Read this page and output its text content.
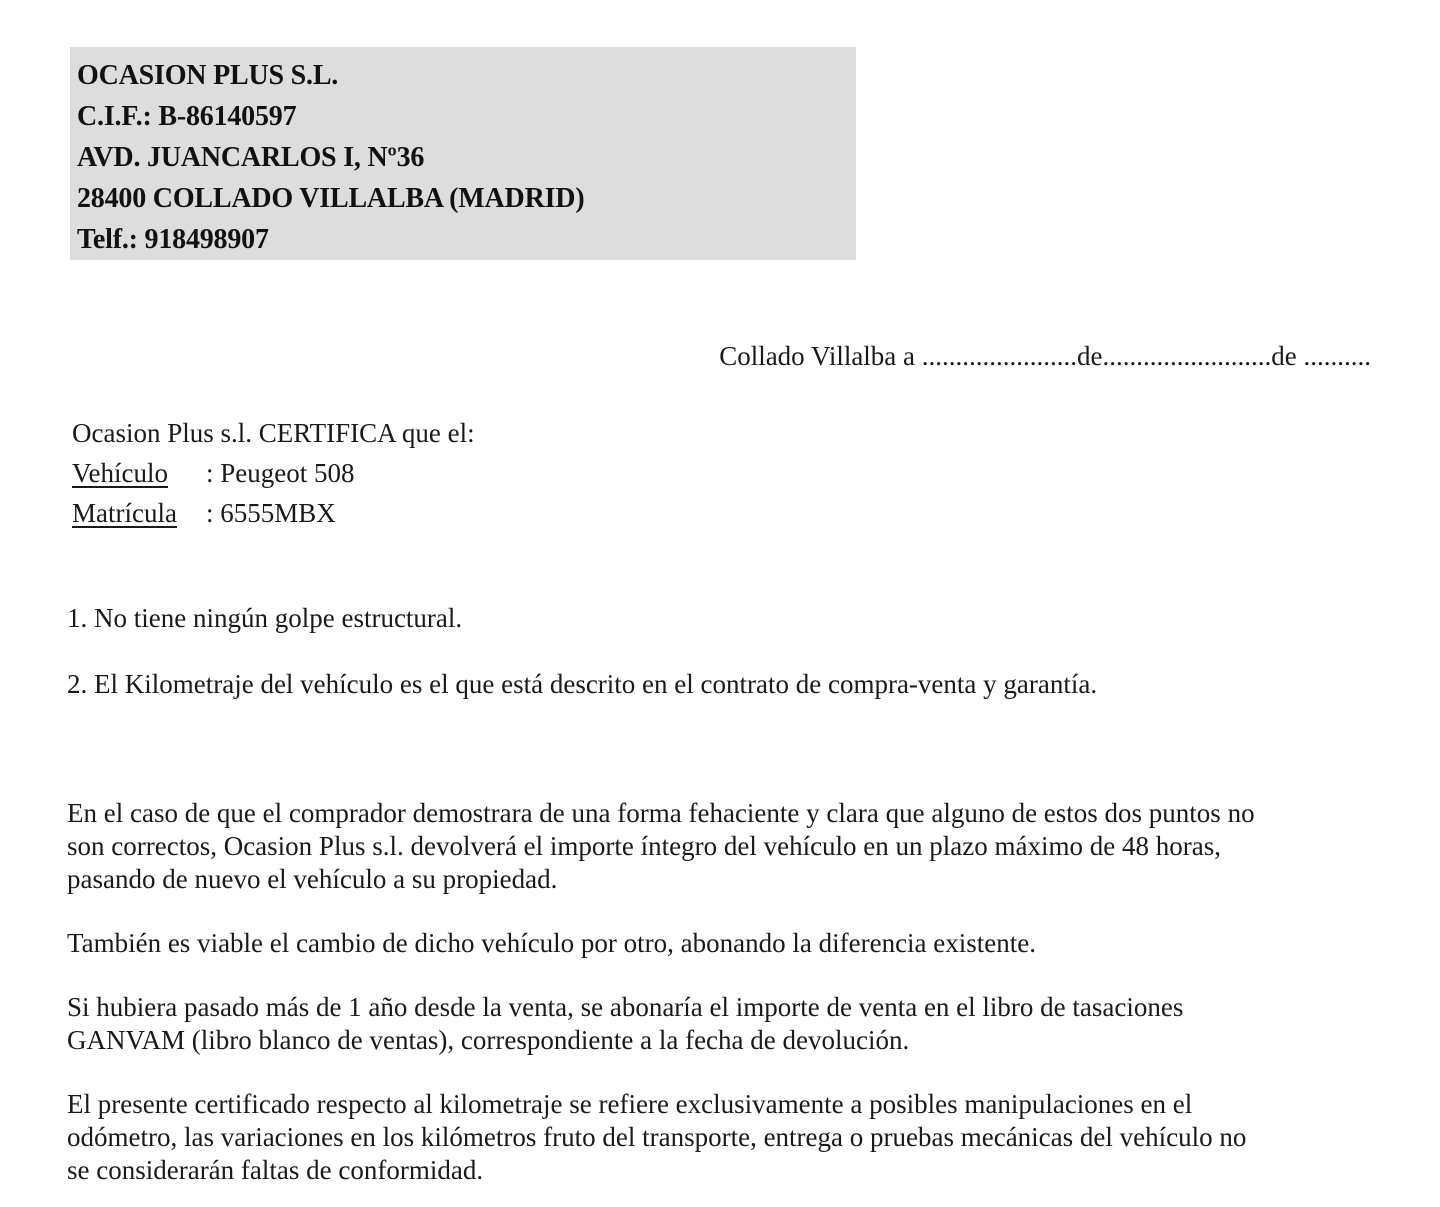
OCASION PLUS S.L.
C.I.F.: B-86140597
AVD. JUANCARLOS I, Nº36
28400 COLLADO VILLALBA (MADRID)
Telf.: 918498907
Collado Villalba a .......................de.........................de ..........
Ocasion Plus s.l. CERTIFICA que el:
Vehículo : Peugeot 508
Matrícula : 6555MBX

1. No tiene ningún golpe estructural.

2. El Kilometraje del vehículo es el que está descrito en el contrato de compra-venta y garantía.

En el caso de que el comprador demostrara de una forma fehaciente y clara que alguno de estos dos puntos no
son correctos, Ocasion Plus s.l. devolverá el importe íntegro del vehículo en un plazo máximo de 48 horas,
pasando de nuevo el vehículo a su propiedad.

También es viable el cambio de dicho vehículo por otro, abonando la diferencia existente.

Si hubiera pasado más de 1 año desde la venta, se abonaría el importe de venta en el libro de tasaciones
GANVAM (libro blanco de ventas), correspondiente a la fecha de devolución.

El presente certificado respecto al kilometraje se refiere exclusivamente a posibles manipulaciones en el
odómetro, las variaciones en los kilómetros fruto del transporte, entrega o pruebas mecánicas del vehículo no
se considerarán faltas de conformidad.
